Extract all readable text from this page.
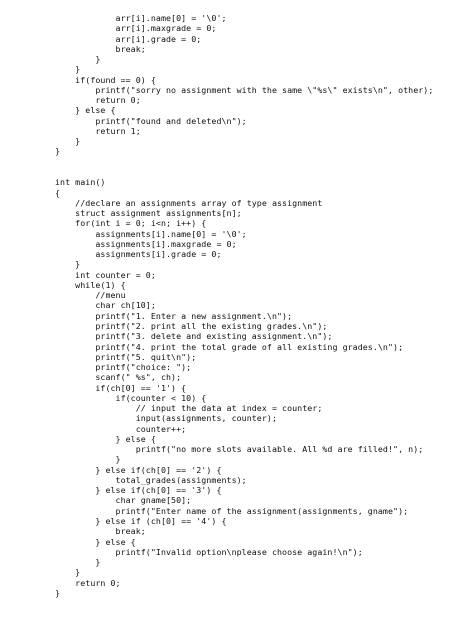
arr[i].name[0] = '\0';
arr[i].maxgrade = 0;
arr[i].grade = 0;
break;
}
}
if(found == 0) {
printf("sorry no assignment with the same \"%s\" exists\n", other);
return 0;
} else {
printf("found and deleted\n");
return 1;
}
}
int main()
{
//declare an assignments array of type assignment
struct assignment assignments[n];
for(int i = 0; i<n; i++) {
assignments[i].name[0] = '\0';
assignments[i].maxgrade = 0;
assignments[i].grade = 0;
}
int counter = 0;
while(1) {
//menu
char ch[10];
printf("1. Enter a new assignment.\n");
printf("2. print all the existing grades.\n");
printf("3. delete and existing assignment.\n");
printf("4. print the total grade of all existing grades.\n");
printf("5. quit\n");
printf("choice: ");
scanf(" %s", ch);
if(ch[0] == '1') {
if(counter < 10) {
// input the data at index = counter;
input(assignments, counter);
counter++;
} else {
printf("no more slots available. All %d are filled!", n);
}
} else if(ch[0] == '2') {
total_grades(assignments);
} else if(ch[0] == '3') {
char gname[50];
printf("Enter name of the assignment(assignments, gname");
} else if (ch[0] == '4') {
break;
} else {
printf("Invalid option\nplease choose again!\n");
}
}
return 0;
}
